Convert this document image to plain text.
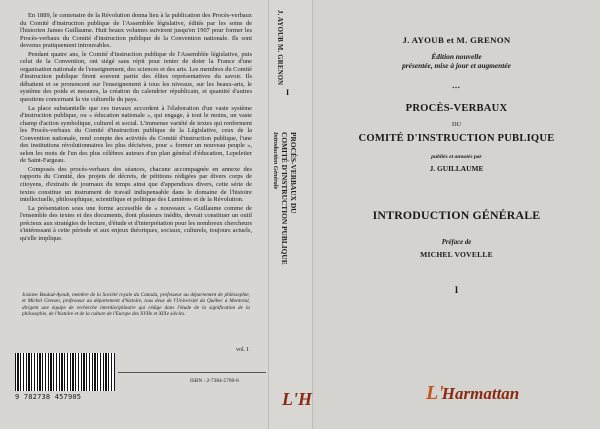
En 1889, le centenaire de la Révolution donna lieu à la publication des Procès-verbaux du Comité d'instruction publique de l'Assemblée législative, édités par les soins de l'historien James Guillaume. Huit beaux volumes suivirent jusqu'en 1907 pour former les Procès-verbaux du Comité d'instruction publique de la Convention nationale. Ils sont devenus pratiquement introuvables.

Pendant quatre ans, le Comité d'instruction publique de l'Assemblée législative, puis celui de la Convention, ont siégé sans répit pour tenter de doter la France d'une organisation nationale de l'enseignement, des sciences et des arts. Les membres du Comité d'instruction publique firent souvent partie des élites représentatives du savoir. Ils débattent et se prononcent sur l'enseignement à tous les niveaux, sur les beaux-arts, le système des poids et mesures, la création du calendrier républicain, et quantité d'autres questions concernant la vie culturelle du pays.

La place substantielle que ces travaux accordent à l'élaboration d'un vaste système d'instruction publique, ou « éducation nationale », qui engage, à tout le moins, un vaste champ d'action symbolique, culturel et social. L'immense variété de textes qui renferment les Procès-verbaux du Comité d'instruction publique de la Législative, ceux de la Convention nationale, rend compte des activités du Comité d'instruction publique, l'une des institutions révolutionnaires les plus décisives, pour « former un nouveau peuple », selon les mots de l'un des plus célèbres auteurs d'un plan général d'éducation, Lepeletier de Saint-Fargeau.

Composés des procès-verbaux des séances, chacune accompagnée en annexe des rapports du Comité, des projets de décrets, de pétitions rédigées par divers corps de citoyens, d'extraits de journaux du temps ainsi que d'appendices divers, cette série de textes constitue un instrument de travail indispensable dans le domaine de l'histoire intellectuelle, philosophique, scientifique et politique des Lumières et de la Révolution.

La présentation sous une forme accessible de « nouveaux » Guillaume comme de l'ensemble des textes et des documents, dont plusieurs inédits, devrait constituer un outil précieux aux stratégies de lecture, d'étude et d'interprétation pour les nombreux chercheurs s'intéressant à cette période et aux enjeux théoriques, sociaux, culturels, toujours actuels, qu'elle implique.

Josiane Boulad-Ayoub, membre de la Société royale du Canada, professeur au département de philosophie, et Michel Grenon, professeur au département d'histoire, tous deux de l'Université du Québec à Montréal, dirigent une équipe de recherche interdisciplinaire qui rédige dans l'étude de la signification de la philosophie, de l'histoire et de la culture de l'Europe des XVIIe et XIXe siècles.
9 782738 457905
vol. I
ISBN : 2-7384-5790-8
J. AYOUB M. GRENON
I
PROCÈS-VERBAUX DU
COMITÉ D'INSTRUCTION PUBLIQUE
Introduction Générale
L'H
J. AYOUB et M. GRENON
Édition nouvelle
présentée, mise à jour et augmentée
▪▪▪
PROCÈS-VERBAUX
DU
COMITÉ D'INSTRUCTION PUBLIQUE
publiés et annotés par
J. GUILLAUME
INTRODUCTION GÉNÉRALE
Préface de
MICHEL VOVELLE
I
L'Harmattan
